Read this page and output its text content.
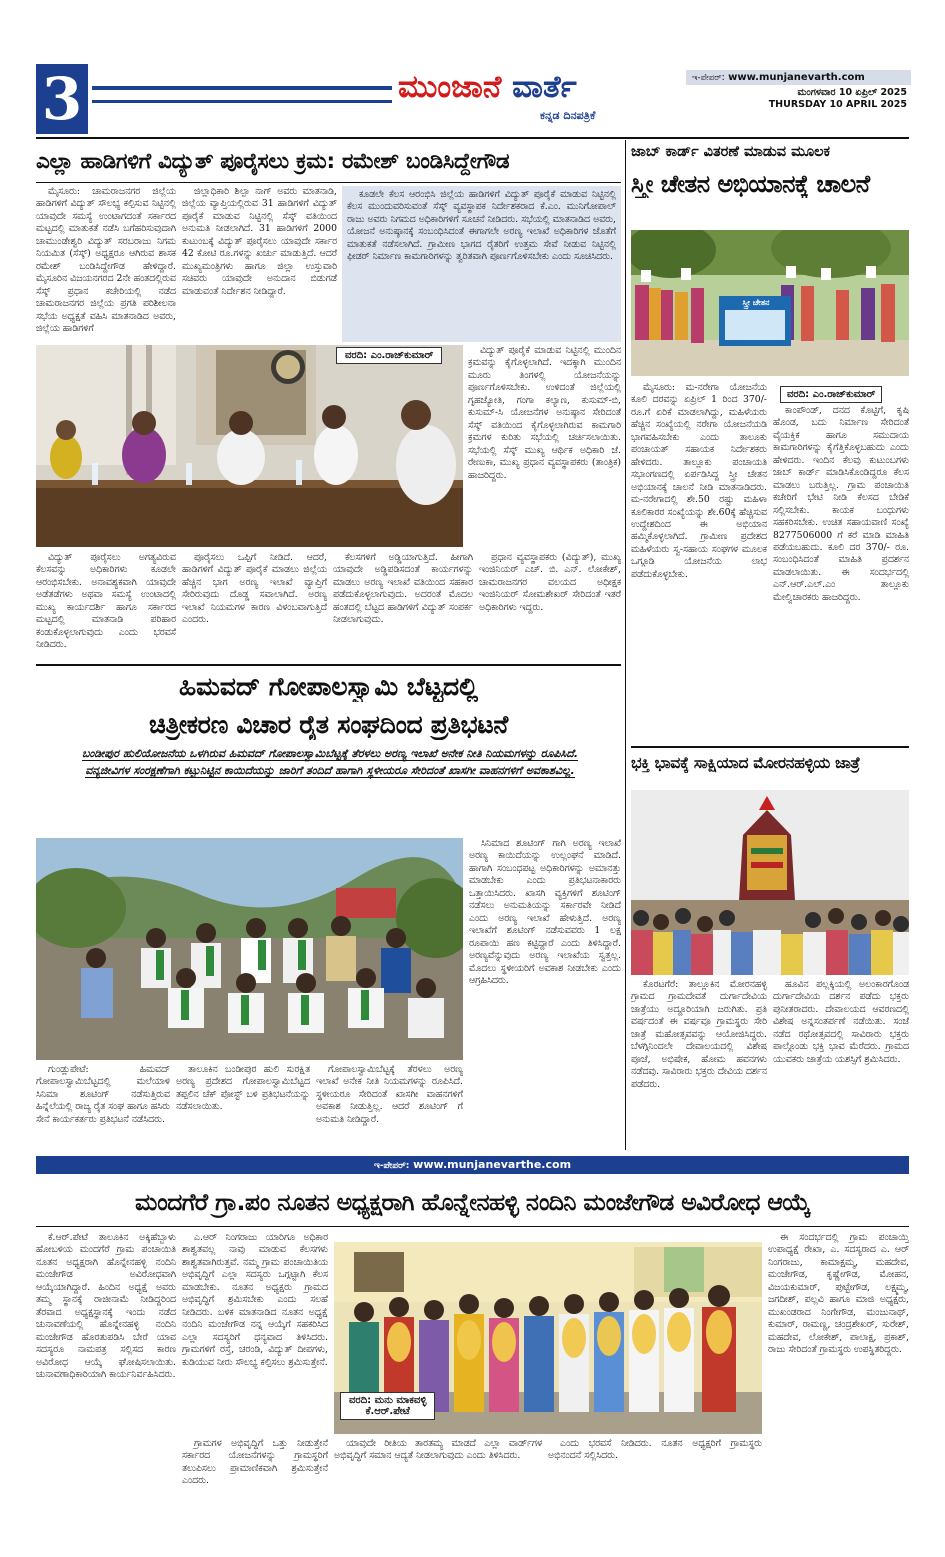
3	ಮುಂಜಾನೆ ವಾರ್ತೆ
ಕನ್ನಡ ದಿನಪತ್ರಿಕೆ
ಇ-ಪೇಪರ್: www.munjanevarth.com
ಮಂಗಳವಾರ 10 ಏಪ್ರಿಲ್ 2025
THURSDAY 10 APRIL 2025
ಎಲ್ಲಾ ಹಾಡಿಗಳಿಗೆ ವಿದ್ಯುತ್ ಪೂರೈಸಲು ಕ್ರಮ: ರಮೇಶ್ ಬಂಡಿಸಿದ್ದೇಗೌಡ

ಮೈಸೂರು: ಚಾಮರಾಜನಗರ ಜಿಲ್ಲೆಯ ಹಾಡಿಗಳಿಗೆ ವಿದ್ಯುತ್ ಸೌಲಭ್ಯ ಕಲ್ಪಿಸುವ ನಿಟ್ಟಿನಲ್ಲಿ ಯಾವುದೇ ಸಮಸ್ಯೆ ಉಂಟಾಗದಂತೆ ಸರ್ಕಾರದ ಮಟ್ಟದಲ್ಲಿ ಮಾತುಕತೆ ನಡೆಸಿ ಬಗೆಹರಿಸುವುದಾಗಿ ಚಾಮುಂಡೇಶ್ವರಿ ವಿದ್ಯುತ್ ಸರಬರಾಜು ನಿಗಮ ನಿಯಮಿತ (ಸೆಸ್ಕ್) ಅಧ್ಯಕ್ಷರೂ ಆಗಿರುವ ಶಾಸಕ ರಮೇಶ್ ಬಂಡಿಸಿದ್ದೇಗೌಡ ಹೇಳಿದ್ದಾರೆ. ಮೈಸೂರಿನ ವಿಜಯನಗರದ 2ನೇ ಹಂತದಲ್ಲಿರುವ ಸೆಸ್ಕ್ ಪ್ರಧಾನ ಕಚೇರಿಯಲ್ಲಿ ನಡೆದ ಚಾಮರಾಜನಗರ ಜಿಲ್ಲೆಯ ಪ್ರಗತಿ ಪರಿಶೀಲನಾ ಸಭೆಯ ಅಧ್ಯಕ್ಷತೆ ವಹಿಸಿ ಮಾತನಾಡಿದ ಅವರು, ಜಿಲ್ಲೆಯ ಹಾಡಿಗಳಿಗೆ

ಜಿಲ್ಲಾಧಿಕಾರಿ ಶಿಲ್ಪಾ ನಾಗ್ ಅವರು ಮಾತನಾಡಿ, ಜಿಲ್ಲೆಯ ವ್ಯಾಪ್ತಿಯಲ್ಲಿರುವ 31 ಹಾಡಿಗಳಿಗೆ ವಿದ್ಯುತ್ ಪೂರೈಕೆ ಮಾಡುವ ನಿಟ್ಟಿನಲ್ಲಿ ಸೆಸ್ಕ್ ವತಿಯಿಂದ ಅನುಮತಿ ನೀಡಲಾಗಿದೆ. 31 ಹಾಡಿಗಳಿಗೆ 2000 ಕುಟುಂಬಕ್ಕೆ ವಿದ್ಯುತ್ ಪೂರೈಸಲು ಯಾವುದೇ ಸರ್ಕಾರ 42 ಕೋಟಿ ರೂ.ಗಳನ್ನು ಖರ್ಚು ಮಾಡುತ್ತಿದೆ. ಆದರೆ ಮುಖ್ಯಮಂತ್ರಿಗಳು ಹಾಗೂ ಜಿಲ್ಲಾ ಉಸ್ತುವಾರಿ ಸಚಿವರು ಯಾವುದೇ ಅನುದಾನ ಬಿಡುಗಡೆ ಮಾಡುವಂತೆ ನಿರ್ದೇಶನ ನೀಡಿದ್ದಾರೆ.

ಕೂಡಲೇ ಕೆಲಸ ಆರಂಭಿಸಿ ಜಿಲ್ಲೆಯ ಹಾಡಿಗಳಿಗೆ ವಿದ್ಯುತ್ ಪೂರೈಕೆ ಮಾಡುವ ನಿಟ್ಟಿನಲ್ಲಿ ಕೆಲಸ ಮುಂದುವರಿಸುವಂತೆ ಸೆಸ್ಕ್ ವ್ಯವಸ್ಥಾಪಕ ನಿರ್ದೇಶಕರಾದ ಕೆ.ಎಂ. ಮುನಿಗೋಪಾಲ್ ರಾಜು ಅವರು ನಿಗಮದ ಅಧಿಕಾರಿಗಳಿಗೆ ಸೂಚನೆ ನೀಡಿದರು. ಸಭೆಯಲ್ಲಿ ಮಾತನಾಡಿದ ಅವರು, ಯೋಜನೆ ಅನುಷ್ಠಾನಕ್ಕೆ ಸಂಬಂಧಿಸಿದಂತೆ ಈಗಾಗಲೇ ಅರಣ್ಯ ಇಲಾಖೆ ಅಧಿಕಾರಿಗಳ ಜೊತೆಗೆ ಮಾತುಕತೆ ನಡೆಸಲಾಗಿದೆ. ಗ್ರಾಮೀಣ ಭಾಗದ ರೈತರಿಗೆ ಉತ್ತಮ ಸೇವೆ ನೀಡುವ ನಿಟ್ಟಿನಲ್ಲಿ ಫೀಡರ್ ನಿರ್ಮಾಣ ಕಾಮಗಾರಿಗಳನ್ನು ತ್ವರಿತವಾಗಿ ಪೂರ್ಣಗೊಳಿಸಬೇಕು ಎಂದು ಸೂಚಿಸಿದರು.

ವರದಿ: ಎಂ.ರಾಜ್‌ಕುಮಾರ್	ವಿದ್ಯುತ್ ಪೂರೈಕೆ ಮಾಡುವ ನಿಟ್ಟಿನಲ್ಲಿ ಮುಂದಿನ ಕ್ರಮವನ್ನು ಕೈಗೊಳ್ಳಲಾಗಿದೆ. ಇದಕ್ಕಾಗಿ ಮುಂದಿನ ಮೂರು ತಿಂಗಳಲ್ಲಿ ಯೋಜನೆಯನ್ನು ಪೂರ್ಣಗೊಳಿಸಬೇಕು. ಉಳಿದಂತೆ ಜಿಲ್ಲೆಯಲ್ಲಿ ಗೃಹಜ್ಯೋತಿ, ಗಂಗಾ ಕಲ್ಯಾಣ, ಕುಸುಮ್-ಬಿ, ಕುಸುಮ್-ಸಿ ಯೋಜನೆಗಳ ಅನುಷ್ಠಾನ ಸೇರಿದಂತೆ ಸೆಸ್ಕ್ ವತಿಯಿಂದ ಕೈಗೊಳ್ಳಲಾಗಿರುವ ಕಾಮಗಾರಿ ಕ್ರಮಗಳ ಕುರಿತು ಸಭೆಯಲ್ಲಿ ಚರ್ಚಿಸಲಾಯಿತು. ಸಭೆಯಲ್ಲಿ ಸೆಸ್ಕ್ ಮುಖ್ಯ ಆರ್ಥಿಕ ಅಧಿಕಾರಿ ಜೆ. ರೇಣುಕಾ, ಮುಖ್ಯ ಪ್ರಧಾನ ವ್ಯವಸ್ಥಾಪಕರು (ತಾಂತ್ರಿಕ) ಹಾಜರಿದ್ದರು.

ವಿದ್ಯುತ್ ಪೂರೈಸಲು ಅಗತ್ಯವಿರುವ ಕೆಲಸವನ್ನು ಅಧಿಕಾರಿಗಳು ಕೂಡಲೇ ಆರಂಭಿಸಬೇಕು. ಅನಾವಶ್ಯಕವಾಗಿ ಯಾವುದೇ ಅಡೆತಡೆಗಳು ಅಥವಾ ಸಮಸ್ಯೆ ಉಂಟಾದಲ್ಲಿ ಮುಖ್ಯ ಕಾರ್ಯದರ್ಶಿ ಹಾಗೂ ಸರ್ಕಾರದ ಮಟ್ಟದಲ್ಲಿ ಮಾತನಾಡಿ ಪರಿಹಾರ ಕಂಡುಕೊಳ್ಳಲಾಗುವುದು ಎಂದು ಭರವಸೆ ನೀಡಿದರು.

ಪೂರೈಸಲು ಒಪ್ಪಿಗೆ ನೀಡಿದೆ. ಆದರೆ, ಹಾಡಿಗಳಿಗೆ ವಿದ್ಯುತ್ ಪೂರೈಕೆ ಮಾಡಲು ಜಿಲ್ಲೆಯ ಹೆಚ್ಚಿನ ಭಾಗ ಅರಣ್ಯ ಇಲಾಖೆ ವ್ಯಾಪ್ತಿಗೆ ಸೇರಿರುವುದು ದೊಡ್ಡ ಸವಾಲಾಗಿದೆ. ಅರಣ್ಯ ಇಲಾಖೆ ನಿಯಮಗಳ ಕಾರಣ ವಿಳಂಬವಾಗುತ್ತಿದೆ ಎಂದರು.

ಕೆಲಸಗಳಿಗೆ ಅಡ್ಡಿಯಾಗುತ್ತಿದೆ. ಹೀಗಾಗಿ ಯಾವುದೇ ಅಡ್ಡಿಪಡಿಸದಂತೆ ಕಾರ್ಯಗಳನ್ನು ಮಾಡಲು ಅರಣ್ಯ ಇಲಾಖೆ ವತಿಯಿಂದ ಸಹಕಾರ ಪಡೆದುಕೊಳ್ಳಲಾಗುವುದು. ಅದರಂತೆ ಮೊದಲ ಹಂತದಲ್ಲಿ ಬೆಟ್ಟದ ಹಾಡಿಗಳಿಗೆ ವಿದ್ಯುತ್ ಸಂಪರ್ಕ ನೀಡಲಾಗುವುದು.

ಪ್ರಧಾನ ವ್ಯವಸ್ಥಾಪಕರು (ವಿದ್ಯುತ್), ಮುಖ್ಯ ಇಂಜಿನಿಯರ್ ಎಚ್. ಬಿ. ಎನ್. ಲೋಕೇಶ್, ಚಾಮರಾಜನಗರ ವಲಯದ ಅಧೀಕ್ಷಕ ಇಂಜಿನಿಯರ್ ಸೋಮಶೇಖರ್ ಸೇರಿದಂತೆ ಇತರೆ ಅಧಿಕಾರಿಗಳು ಇದ್ದರು.

ಜಾಬ್ ಕಾರ್ಡ್ ವಿತರಣೆ ಮಾಡುವ ಮೂಲಕ
ಸ್ತ್ರೀ ಚೇತನ ಅಭಿಯಾನಕ್ಕೆ ಚಾಲನೆ
ಸ್ತ್ರೀ ಚೇತನ
ವರದಿ: ಎಂ.ರಾಜ್‌ಕುಮಾರ್

ಮೈಸೂರು: ಮ-ನರೇಗಾ ಯೋಜನೆಯ ಕೂಲಿ ದರವನ್ನು ಏಪ್ರಿಲ್ 1 ರಿಂದ 370/- ರೂ.ಗೆ ಏರಿಕೆ ಮಾಡಲಾಗಿದ್ದು, ಮಹಿಳೆಯರು ಹೆಚ್ಚಿನ ಸಂಖ್ಯೆಯಲ್ಲಿ ನರೇಗಾ ಯೋಜನೆಯಡಿ ಭಾಗವಹಿಸಬೇಕು ಎಂದು ತಾಲೂಕು ಪಂಚಾಯತ್ ಸಹಾಯಕ ನಿರ್ದೇಶಕರು ಹೇಳಿದರು. ತಾಲ್ಲೂಕು ಪಂಚಾಯತಿ ಸಭಾಂಗಣದಲ್ಲಿ ಏರ್ಪಡಿಸಿದ್ದ ಸ್ತ್ರೀ ಚೇತನ ಅಭಿಯಾನಕ್ಕೆ ಚಾಲನೆ ನೀಡಿ ಮಾತನಾಡಿದರು. ಮ-ನರೇಗಾದಲ್ಲಿ ಶೇ.50 ರಷ್ಟು ಮಹಿಳಾ ಕೂಲಿಕಾರರ ಸಂಖ್ಯೆಯನ್ನು ಶೇ.60ಕ್ಕೆ ಹೆಚ್ಚಿಸುವ ಉದ್ದೇಶದಿಂದ ಈ ಅಭಿಯಾನ ಹಮ್ಮಿಕೊಳ್ಳಲಾಗಿದೆ. ಗ್ರಾಮೀಣ ಪ್ರದೇಶದ ಮಹಿಳೆಯರು ಸ್ವ-ಸಹಾಯ ಸಂಘಗಳ ಮೂಲಕ ಒಗ್ಗೂಡಿ ಯೋಜನೆಯ ಲಾಭ ಪಡೆದುಕೊಳ್ಳಬೇಕು.

ಕಾಂಪೌಂಡ್, ದನದ ಕೊಟ್ಟಿಗೆ, ಕೃಷಿ ಹೊಂಡ, ಬದು ನಿರ್ಮಾಣ ಸೇರಿದಂತೆ ವೈಯಕ್ತಿಕ ಹಾಗೂ ಸಮುದಾಯ ಕಾಮಗಾರಿಗಳನ್ನು ಕೈಗೆತ್ತಿಕೊಳ್ಳಬಹುದು ಎಂದು ಹೇಳಿದರು. ಇಂದಿನ ಕೆಲವು ಕುಟುಂಬಗಳು ಜಾಬ್ ಕಾರ್ಡ್ ಮಾಡಿಸಿಕೊಂಡಿದ್ದರೂ ಕೆಲಸ ಮಾಡಲು ಬರುತ್ತಿಲ್ಲ. ಗ್ರಾಮ ಪಂಚಾಯಿತಿ ಕಚೇರಿಗೆ ಭೇಟಿ ನೀಡಿ ಕೆಲಸದ ಬೇಡಿಕೆ ಸಲ್ಲಿಸಬೇಕು. ಕಾಯಕ ಬಂಧುಗಳು ಸಹಕರಿಸಬೇಕು. ಉಚಿತ ಸಹಾಯವಾಣಿ ಸಂಖ್ಯೆ 8277506000 ಗೆ ಕರೆ ಮಾಡಿ ಮಾಹಿತಿ ಪಡೆಯಬಹುದು. ಕೂಲಿ ದರ 370/- ರೂ. ಸಂಬಂಧಿಸಿದಂತೆ ಮಾಹಿತಿ ಪ್ರದರ್ಶನ ಮಾಡಲಾಯಿತು. ಈ ಸಂದರ್ಭದಲ್ಲಿ ಎನ್.ಆರ್.ಎಲ್.ಎಂ ತಾಲ್ಲೂಕು ಮೇಲ್ವಿಚಾರಕರು ಹಾಜರಿದ್ದರು.

ಭಕ್ತಿ ಭಾವಕ್ಕೆ ಸಾಕ್ಷಿಯಾದ ಮೋರನಹಳ್ಳಿಯ ಜಾತ್ರೆ

ಕೊರಟಗೆರೆ: ತಾಲ್ಲೂಕಿನ ಮೋರನಹಳ್ಳಿ ಗ್ರಾಮದ ಗ್ರಾಮದೇವತೆ ದುರ್ಗಾದೇವಿಯ ಜಾತ್ರೆಯು ಅದ್ದೂರಿಯಾಗಿ ಜರುಗಿತು. ಪ್ರತಿ ವರ್ಷದಂತೆ ಈ ವರ್ಷವೂ ಗ್ರಾಮಸ್ಥರು ಸೇರಿ ಜಾತ್ರೆ ಮಹೋತ್ಸವವನ್ನು ಆಯೋಜಿಸಿದ್ದರು. ಬೆಳಗ್ಗಿನಿಂದಲೇ ದೇವಾಲಯದಲ್ಲಿ ವಿಶೇಷ ಪೂಜೆ, ಅಭಿಷೇಕ, ಹೋಮ ಹವನಗಳು ನಡೆದವು. ಸಾವಿರಾರು ಭಕ್ತರು ದೇವಿಯ ದರ್ಶನ ಪಡೆದರು.

ಹೂವಿನ ಪಲ್ಲಕ್ಕಿಯಲ್ಲಿ ಅಲಂಕಾರಗೊಂಡ ದುರ್ಗಾದೇವಿಯ ದರ್ಶನ ಪಡೆದು ಭಕ್ತರು ಪುನೀತರಾದರು. ದೇವಾಲಯದ ಆವರಣದಲ್ಲಿ ವಿಶೇಷ ಅನ್ನಸಂತರ್ಪಣೆ ನಡೆಯಿತು. ಸಂಜೆ ನಡೆದ ರಥೋತ್ಸವದಲ್ಲಿ ಸಾವಿರಾರು ಭಕ್ತರು ಪಾಲ್ಗೊಂಡು ಭಕ್ತಿ ಭಾವ ಮೆರೆದರು. ಗ್ರಾಮದ ಯುವಕರು ಜಾತ್ರೆಯ ಯಶಸ್ಸಿಗೆ ಶ್ರಮಿಸಿದರು.

ಹಿಮವದ್ ಗೋಪಾಲಸ್ವಾಮಿ ಬೆಟ್ಟದಲ್ಲಿ
ಚಿತ್ರೀಕರಣ ವಿಚಾರ ರೈತ ಸಂಘದಿಂದ ಪ್ರತಿಭಟನೆ
ಬಂಡೀಪುರ ಹುಲಿಯೋಜನೆಯ ಒಳಗಿರುವ ಹಿಮವದ್ ಗೋಪಾಲಸ್ವಾಮಿಬೆಟ್ಟಕ್ಕೆ ತೆರಳಲು ಅರಣ್ಯ ಇಲಾಖೆ ಅನೇಕ ನೀತಿ ನಿಯಮಗಳನ್ನು ರೂಪಿಸಿದೆ. ವನ್ಯಜೀವಿಗಳ ಸಂರಕ್ಷಣೆಗಾಗಿ ಕಟ್ಟುನಿಟ್ಟಿನ ಕಾಯಿದೆಯನ್ನು ಜಾರಿಗೆ ತಂದಿದೆ ಹಾಗಾಗಿ ಸ್ಥಳೀಯರೂ ಸೇರಿದಂತೆ ಖಾಸಗೀ ವಾಹನಗಳಿಗೆ ಅವಕಾಶವಿಲ್ಲ.

ಸಿನಿಮಾದ ಶೂಟಿಂಗ್ ಗಾಗಿ ಅರಣ್ಯ ಇಲಾಖೆ ಅರಣ್ಯ ಕಾಯಿದೆಯನ್ನು ಉಲ್ಲಂಘನೆ ಮಾಡಿದೆ. ಹಾಗಾಗಿ ಸಂಬಂಧಪಟ್ಟ ಅಧಿಕಾರಿಗಳನ್ನು ಅಮಾನತ್ತು ಮಾಡಬೇಕು ಎಂದು ಪ್ರತಿಭಟನಾಕಾರರು ಒತ್ತಾಯಿಸಿದರು. ಖಾಸಗಿ ವ್ಯಕ್ತಿಗಳಿಗೆ ಶೂಟಿಂಗ್ ನಡೆಸಲು ಅನುಮತಿಯನ್ನು ಸರ್ಕಾರವೇ ನೀಡಿದೆ ಎಂದು ಅರಣ್ಯ ಇಲಾಖೆ ಹೇಳುತ್ತಿದೆ. ಅರಣ್ಯ ಇಲಾಖೆಗೆ ಶೂಟಿಂಗ್ ನಡೆಸುವವರು 1 ಲಕ್ಷ ರೂಪಾಯಿ ಹಣ ಕಟ್ಟಿದ್ದಾರೆ ಎಂದು ತಿಳಿಸಿದ್ದಾರೆ. ಅರಣ್ಯವೆನ್ನುವುದು ಅರಣ್ಯ ಇಲಾಖೆಯ ಸ್ವತ್ತಲ್ಲ. ಮೊದಲು ಸ್ಥಳೀಯರಿಗೆ ಅವಕಾಶ ನೀಡಬೇಕು ಎಂದು ಆಗ್ರಹಿಸಿದರು.

ಗುಂಡ್ಲುಪೇಟೆ: ಹಿಮವದ್ ಗೋಪಾಲಸ್ವಾಮಿಬೆಟ್ಟದಲ್ಲಿ ಮಲೆಯಾಳಿ ಸಿನಿಮಾ ಶೂಟಿಂಗ್ ನಡೆಸುತ್ತಿರುವ ಹಿನ್ನೆಲೆಯಲ್ಲಿ ರಾಜ್ಯ ರೈತ ಸಂಘ ಹಾಗೂ ಹಸಿರು ಸೇನೆ ಕಾರ್ಯಕರ್ತರು ಪ್ರತಿಭಟನೆ ನಡೆಸಿದರು.

ತಾಲೂಕಿನ ಬಂಡೀಪುರ ಹುಲಿ ಸುರಕ್ಷಿತ ಅರಣ್ಯ ಪ್ರದೇಶದ ಗೋಪಾಲಸ್ವಾಮಿಬೆಟ್ಟದ ತಪ್ಪಲಿನ ಚೆಕ್ ಪೋಸ್ಟ್ ಬಳಿ ಪ್ರತಿಭಟನೆಯನ್ನು ನಡೆಸಲಾಯಿತು.

ಗೋಪಾಲಸ್ವಾಮಿಬೆಟ್ಟಕ್ಕೆ ತೆರಳಲು ಅರಣ್ಯ ಇಲಾಖೆ ಅನೇಕ ನೀತಿ ನಿಯಮಗಳನ್ನು ರೂಪಿಸಿದೆ. ಸ್ಥಳೀಯರೂ ಸೇರಿದಂತೆ ಖಾಸಗೀ ವಾಹನಗಳಿಗೆ ಅವಕಾಶ ನೀಡುತ್ತಿಲ್ಲ. ಆದರೆ ಶೂಟಿಂಗ್ ಗೆ ಅನುಮತಿ ನೀಡಿದ್ದಾರೆ.

ಇ-ಪೇಪರ್: www.munjanevarthe.com
ಮಂದಗೆರೆ ಗ್ರಾ.ಪಂ ನೂತನ ಅಧ್ಯಕ್ಷರಾಗಿ ಹೊನ್ನೇನಹಳ್ಳಿ ನಂದಿನಿ ಮಂಜೇಗೌಡ ಅವಿರೋಧ ಆಯ್ಕೆ

ಕೆ.ಆರ್.ಪೇಟೆ ತಾಲೂಕಿನ ಅಕ್ಕಿಹೆಬ್ಬಾಳು ಹೋಬಳಿಯ ಮಂದಗೆರೆ ಗ್ರಾಮ ಪಂಚಾಯಿತಿ ನೂತನ ಅಧ್ಯಕ್ಷರಾಗಿ ಹೊನ್ನೇನಹಳ್ಳಿ ನಂದಿನಿ ಮಂಜೇಗೌಡ ಅವಿರೋಧವಾಗಿ ಆಯ್ಕೆಯಾಗಿದ್ದಾರೆ. ಹಿಂದಿನ ಅಧ್ಯಕ್ಷೆ ಅವರು ತಮ್ಮ ಸ್ಥಾನಕ್ಕೆ ರಾಜೀನಾಮೆ ನೀಡಿದ್ದರಿಂದ ತೆರವಾದ ಅಧ್ಯಕ್ಷಸ್ಥಾನಕ್ಕೆ ಇಂದು ನಡೆದ ಚುನಾವಣೆಯಲ್ಲಿ ಹೊನ್ನೇನಹಳ್ಳಿ ನಂದಿನಿ ಮಂಜೇಗೌಡ ಹೊರತುಪಡಿಸಿ ಬೇರೆ ಯಾವ ಸದಸ್ಯರೂ ನಾಮಪತ್ರ ಸಲ್ಲಿಸದ ಕಾರಣ ಅವಿರೋಧ ಆಯ್ಕೆ ಘೋಷಿಸಲಾಯಿತು. ಚುನಾವಣಾಧಿಕಾರಿಯಾಗಿ ಕಾರ್ಯನಿರ್ವಹಿಸಿದರು.

ಎ.ಆರ್ ನಿಂಗರಾಜು ಯಾರಿಗೂ ಅಧಿಕಾರ ಶಾಶ್ವತವಲ್ಲ ನಾವು ಮಾಡುವ ಕೆಲಸಗಳು ಶಾಶ್ವತವಾಗಿರುತ್ತವೆ. ನಮ್ಮ ಗ್ರಾಮ ಪಂಚಾಯಿತಿಯ ಅಭಿವೃದ್ಧಿಗೆ ಎಲ್ಲಾ ಸದಸ್ಯರು ಒಗ್ಗಟ್ಟಾಗಿ ಕೆಲಸ ಮಾಡಬೇಕು. ನೂತನ ಅಧ್ಯಕ್ಷರು ಗ್ರಾಮದ ಅಭಿವೃದ್ಧಿಗೆ ಶ್ರಮಿಸಬೇಕು ಎಂದು ಸಲಹೆ ನೀಡಿದರು. ಬಳಿಕ ಮಾತನಾಡಿದ ನೂತನ ಅಧ್ಯಕ್ಷೆ ನಂದಿನಿ ಮಂಜೇಗೌಡ ನನ್ನ ಆಯ್ಕೆಗೆ ಸಹಕರಿಸಿದ ಎಲ್ಲಾ ಸದಸ್ಯರಿಗೆ ಧನ್ಯವಾದ ತಿಳಿಸಿದರು. ಗ್ರಾಮಗಳಿಗೆ ರಸ್ತೆ, ಚರಂಡಿ, ವಿದ್ಯುತ್ ದೀಪಗಳು, ಕುಡಿಯುವ ನೀರು ಸೌಲಭ್ಯ ಕಲ್ಪಿಸಲು ಶ್ರಮಿಸುತ್ತೇನೆ.

ವರದಿ: ಮನು ಮಾಕವಳ್ಳಿ
ಕೆ.ಆರ್.ಪೇಟೆ

ಈ ಸಂದರ್ಭದಲ್ಲಿ ಗ್ರಾಮ ಪಂಚಾಯ್ತಿ ಉಪಾಧ್ಯಕ್ಷೆ ರೇಖಾ, ಎ. ಸದಸ್ಯರಾದ ಎ. ಆರ್ ನಿಂಗರಾಜು, ಕಾಮಾಕ್ಷಮ್ಮ, ಮಹದೇವ, ಮಂಜೇಗೌಡ, ಕೃಷ್ಣೇಗೌಡ, ಮೋಹನ, ವಿಜಯಕುಮಾರ್, ಪುಟ್ಟೇಗೌಡ, ಲಕ್ಷ್ಮಮ್ಮ, ಜಗದೀಶ್, ಪಲ್ಲವಿ ಹಾಗೂ ಮಾಜಿ ಅಧ್ಯಕ್ಷರು, ಮುಖಂಡರಾದ ನಿಂಗೇಗೌಡ, ಮಂಜುನಾಥ್, ಕುಮಾರ್, ರಾಮಣ್ಣ, ಚಂದ್ರಶೇಖರ್, ಸುರೇಶ್, ಮಹದೇವ, ಲೋಕೇಶ್, ಪಾಲಾಕ್ಷ, ಪ್ರಕಾಶ್, ರಾಜು ಸೇರಿದಂತೆ ಗ್ರಾಮಸ್ಥರು ಉಪಸ್ಥಿತರಿದ್ದರು.

ಗ್ರಾಮಗಳ ಅಭಿವೃದ್ಧಿಗೆ ಒತ್ತು ನೀಡುತ್ತೇನೆ ಸರ್ಕಾರದ ಯೋಜನೆಗಳನ್ನು ಗ್ರಾಮಸ್ಥರಿಗೆ ತಲುಪಿಸಲು ಪ್ರಾಮಾಣಿಕವಾಗಿ ಶ್ರಮಿಸುತ್ತೇನೆ ಎಂದರು.

ಯಾವುದೇ ರೀತಿಯ ತಾರತಮ್ಯ ಮಾಡದೆ ಎಲ್ಲಾ ವಾರ್ಡ್‌ಗಳ ಅಭಿವೃದ್ಧಿಗೆ ಸಮಾನ ಆದ್ಯತೆ ನೀಡಲಾಗುವುದು ಎಂದು ತಿಳಿಸಿದರು.

ಎಂದು ಭರವಸೆ ನೀಡಿದರು. ನೂತನ ಅಧ್ಯಕ್ಷರಿಗೆ ಗ್ರಾಮಸ್ಥರು ಅಭಿನಂದನೆ ಸಲ್ಲಿಸಿದರು.
